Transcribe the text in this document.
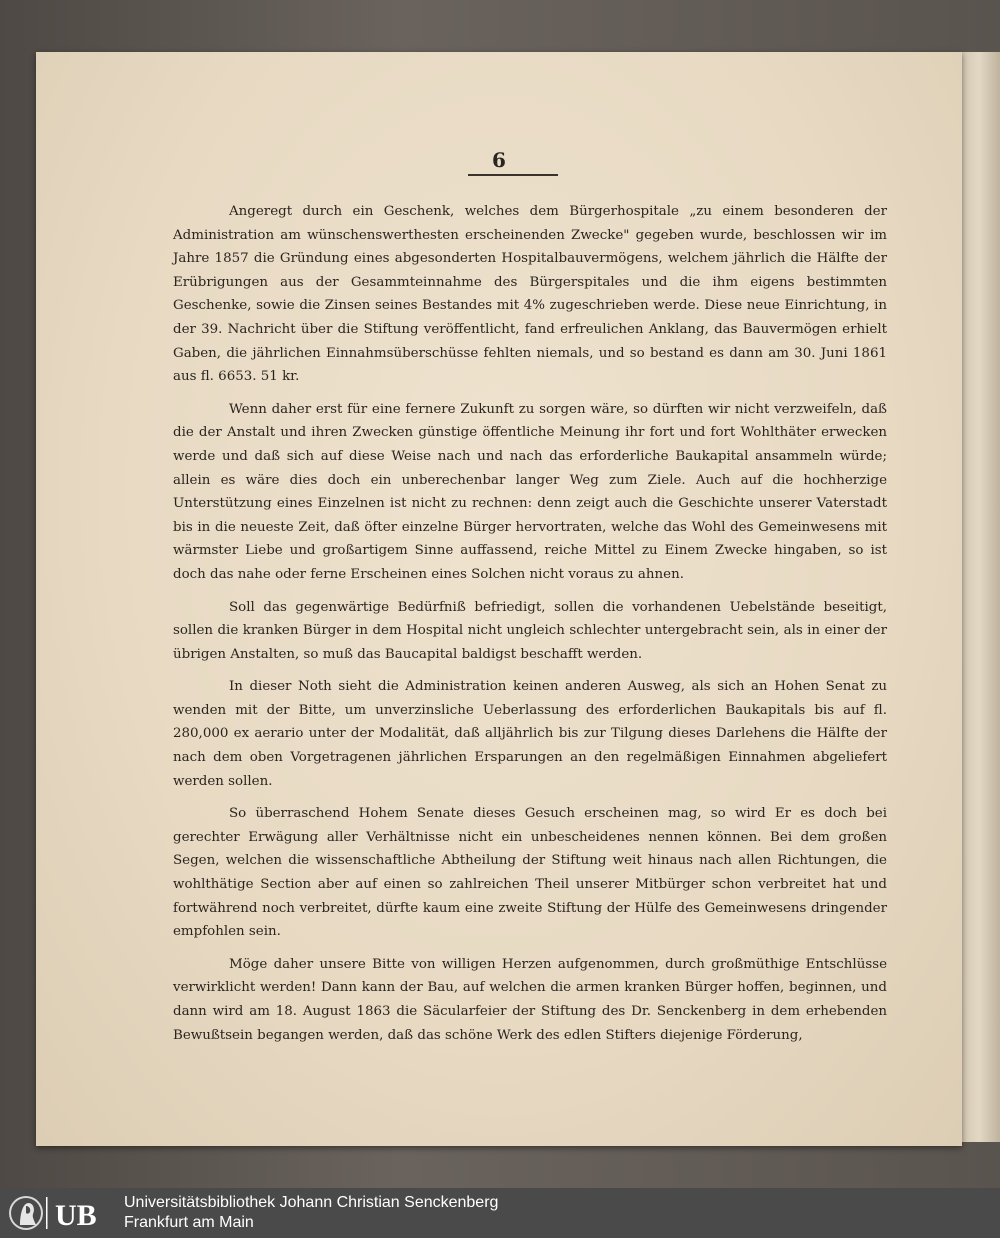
6

Angeregt durch ein Geschenk, welches dem Bürgerhospitale „zu einem besonderen der Administration am wünschenswerthesten erscheinenden Zwecke" gegeben wurde, beschlossen wir im Jahre 1857 die Gründung eines abgesonderten Hospitalbauvermögens, welchem jährlich die Hälfte der Erübrigungen aus der Gesammteinnahme des Bürgerspitales und die ihm eigens bestimmten Geschenke, sowie die Zinsen seines Bestandes mit 4% zugeschrieben werde. Diese neue Einrichtung, in der 39. Nachricht über die Stiftung veröffentlicht, fand erfreulichen Anklang, das Bauvermögen erhielt Gaben, die jährlichen Einnahmsüberschüsse fehlten niemals, und so bestand es dann am 30. Juni 1861 aus fl. 6653. 51 kr.

Wenn daher erst für eine fernere Zukunft zu sorgen wäre, so dürften wir nicht verzweifeln, daß die der Anstalt und ihren Zwecken günstige öffentliche Meinung ihr fort und fort Wohlthäter erwecken werde und daß sich auf diese Weise nach und nach das erforderliche Baukapital ansammeln würde; allein es wäre dies doch ein unberechenbar langer Weg zum Ziele. Auch auf die hochherzige Unterstützung eines Einzelnen ist nicht zu rechnen: denn zeigt auch die Geschichte unserer Vaterstadt bis in die neueste Zeit, daß öfter einzelne Bürger hervortraten, welche das Wohl des Gemeinwesens mit wärmster Liebe und großartigem Sinne auffassend, reiche Mittel zu Einem Zwecke hingaben, so ist doch das nahe oder ferne Erscheinen eines Solchen nicht voraus zu ahnen.

Soll das gegenwärtige Bedürfniß befriedigt, sollen die vorhandenen Uebelstände beseitigt, sollen die kranken Bürger in dem Hospital nicht ungleich schlechter untergebracht sein, als in einer der übrigen Anstalten, so muß das Baucapital baldigst beschafft werden.

In dieser Noth sieht die Administration keinen anderen Ausweg, als sich an Hohen Senat zu wenden mit der Bitte, um unverzinsliche Ueberlassung des erforderlichen Baukapitals bis auf fl. 280,000 ex aerario unter der Modalität, daß alljährlich bis zur Tilgung dieses Darlehens die Hälfte der nach dem oben Vorgetragenen jährlichen Ersparungen an den regelmäßigen Einnahmen abgeliefert werden sollen.

So überraschend Hohem Senate dieses Gesuch erscheinen mag, so wird Er es doch bei gerechter Erwägung aller Verhältnisse nicht ein unbescheidenes nennen können. Bei dem großen Segen, welchen die wissenschaftliche Abtheilung der Stiftung weit hinaus nach allen Richtungen, die wohlthätige Section aber auf einen so zahlreichen Theil unserer Mitbürger schon verbreitet hat und fortwährend noch verbreitet, dürfte kaum eine zweite Stiftung der Hülfe des Gemeinwesens dringender empfohlen sein.

Möge daher unsere Bitte von willigen Herzen aufgenommen, durch großmüthige Entschlüsse verwirklicht werden! Dann kann der Bau, auf welchen die armen kranken Bürger hoffen, beginnen, und dann wird am 18. August 1863 die Säcularfeier der Stiftung des Dr. Senckenberg in dem erhebenden Bewußtsein begangen werden, daß das schöne Werk des edlen Stifters diejenige Förderung,

UB Universitätsbibliothek Johann Christian Senckenberg
Frankfurt am Main
